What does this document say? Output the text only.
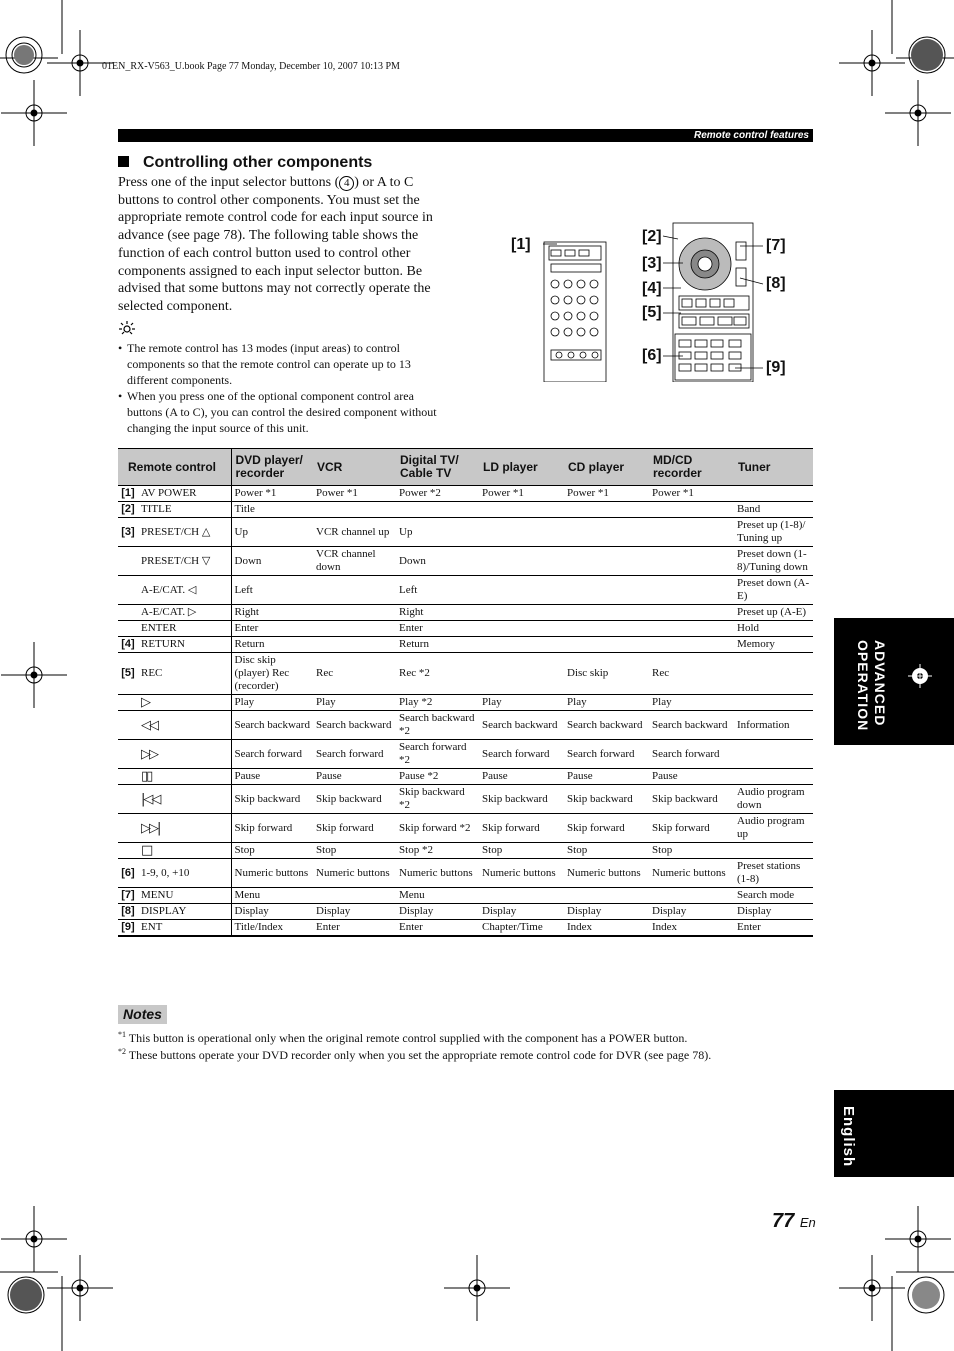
01EN_RX-V563_U.book Page 77 Monday, December 10, 2007 10:13 PM
Remote control features
Controlling other components
Press one of the input selector buttons ( 4 ) or A to C buttons to control other components. You must set the appropriate remote control code for each input source in advance (see page 78). The following table shows the function of each control button used to control other components assigned to each input selector button. Be advised that some buttons may not correctly operate the selected component.
• The remote control has 13 modes (input areas) to control components so that the remote control can operate up to 13 different components.
• When you press one of the optional component control area buttons (A to C), you can control the desired component without changing the input source of this unit.
[1]	[2]
[3]
[4]
[5]
[6]
[7]
[8]
[9]
Remote control		DVD player/ recorder	VCR	Digital TV/ Cable TV	LD player	CD player	MD/CD recorder	Tuner
[1]	AV POWER	Power *1	Power *1	Power *2	Power *1	Power *1	Power *1	
[2]	TITLE	Title						Band
[3]	PRESET/CH △	Up	VCR channel up	Up				Preset up (1-8)/ Tuning up
	PRESET/CH ▽	Down	VCR channel down	Down				Preset down (1-8)/Tuning down
	A-E/CAT. ◁	Left		Left				Preset down (A-E)
	A-E/CAT. ▷	Right		Right				Preset up (A-E)
	ENTER	Enter		Enter				Hold
[4]	RETURN	Return		Return				Memory
[5]	REC	Disc skip (player) Rec (recorder)	Rec	Rec *2		Disc skip	Rec	
	▷	Play	Play	Play *2	Play	Play	Play	
	◁◁	Search backward	Search backward	Search backward *2	Search backward	Search backward	Search backward	Information
	▷▷	Search forward	Search forward	Search forward *2	Search forward	Search forward	Search forward	
	▯▯	Pause	Pause	Pause *2	Pause	Pause	Pause	
	|◁◁	Skip backward	Skip backward	Skip backward *2	Skip backward	Skip backward	Skip backward	Audio program down
	▷▷|	Skip forward	Skip forward	Skip forward *2	Skip forward	Skip forward	Skip forward	Audio program up
	□	Stop	Stop	Stop *2	Stop	Stop	Stop	
[6]	1-9, 0, +10	Numeric buttons	Numeric buttons	Numeric buttons	Numeric buttons	Numeric buttons	Numeric buttons	Preset stations (1-8)
[7]	MENU	Menu		Menu				Search mode
[8]	DISPLAY	Display	Display	Display	Display	Display	Display	Display
[9]	ENT	Title/Index	Enter	Enter	Chapter/Time	Index	Index	Enter
Notes
$^{*1}$ This button is operational only when the original remote control supplied with the component has a POWER button.
$^{*2}$ These buttons operate your DVD recorder only when you set the appropriate remote control code for DVR (see page 78).
ADVANCED OPERATION
English
77 En
